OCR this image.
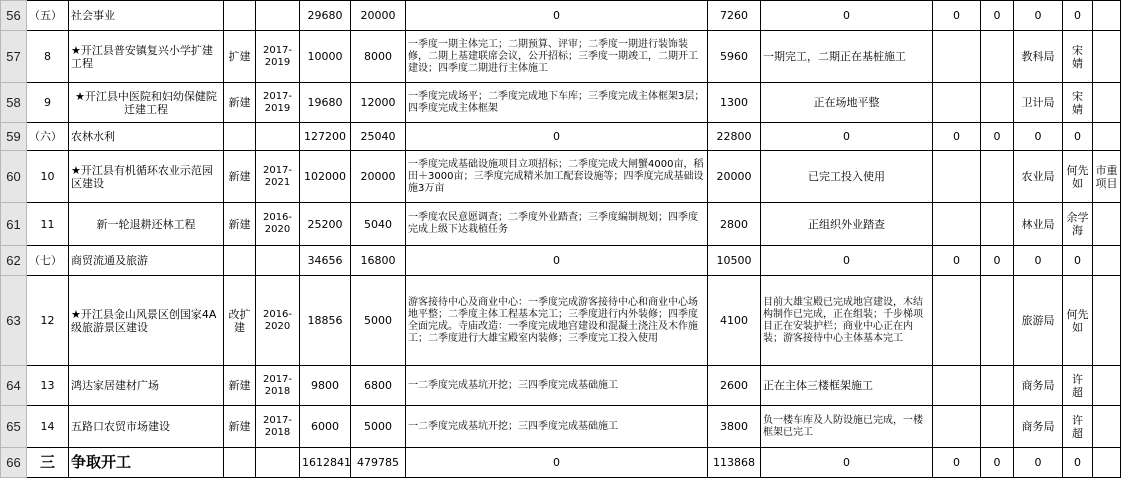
56	（五）	社会事业			29680	20000	0	7260	0	0	0	0	0	
57	8	★开江县普安镇复兴小学扩建工程	扩建	2017-2019	10000	8000	一季度一期主体完工；二期预算、评审；二季度一期进行装饰装修，二期上基建联席会议，公开招标；三季度一期竣工，二期开工建设；四季度二期进行主体施工	5960	一期完工，二期正在基桩施工			教科局	宋　婧	
58	9	★开江县中医院和妇幼保健院迁建工程	新建	2017-2019	19680	12000	一季度完成场平；二季度完成地下车库；三季度完成主体框架3层；四季度完成主体框架	1300	正在场地平整			卫计局	宋　婧	
59	（六）	农林水利			127200	25040	0	22800	0	0	0	0	0	
60	10	★开江县有机循环农业示范园区建设	新建	2017-2021	102000	20000	一季度完成基础设施项目立项招标；二季度完成大闸蟹4000亩，稻田＋3000亩；三季度完成精米加工配套设施等；四季度完成基础设施3万亩	20000	已完工投入使用			农业局	何先如	市重项目
61	11	新一轮退耕还林工程	新建	2016-2020	25200	5040	一季度农民意愿调查；二季度外业踏查；三季度编制规划；四季度完成上级下达栽植任务	2800	正组织外业踏查			林业局	余学海	
62	（七）	商贸流通及旅游			34656	16800	0	10500	0	0	0	0	0	
63	12	★开江县金山风景区创国家4A级旅游景区建设	改扩建	2016-2020	18856	5000	游客接待中心及商业中心：一季度完成游客接待中心和商业中心场地平整；二季度主体工程基本完工；三季度进行内外装修；四季度全面完成。寺庙改造：一季度完成地宫建设和混凝土浇注及木作施工；二季度进行大雄宝殿室内装修；三季度完工投入使用	4100	目前大雄宝殿已完成地宫建设，木结构制作已完成，正在组装；千步梯项目正在安装护栏；商业中心正在内装；游客接待中心主体基本完工			旅游局	何先如	
64	13	鸿达家居建材广场	新建	2017-2018	9800	6800	一二季度完成基坑开挖；三四季度完成基础施工	2600	正在主体三楼框架施工			商务局	许　超	
65	14	五路口农贸市场建设	新建	2017-2018	6000	5000	一二季度完成基坑开挖；三四季度完成基础施工	3800	负一楼车库及人防设施已完成，一楼框架已完工			商务局	许　超	
66	三	争取开工			1612841	479785	0	113868	0	0	0	0	0	
